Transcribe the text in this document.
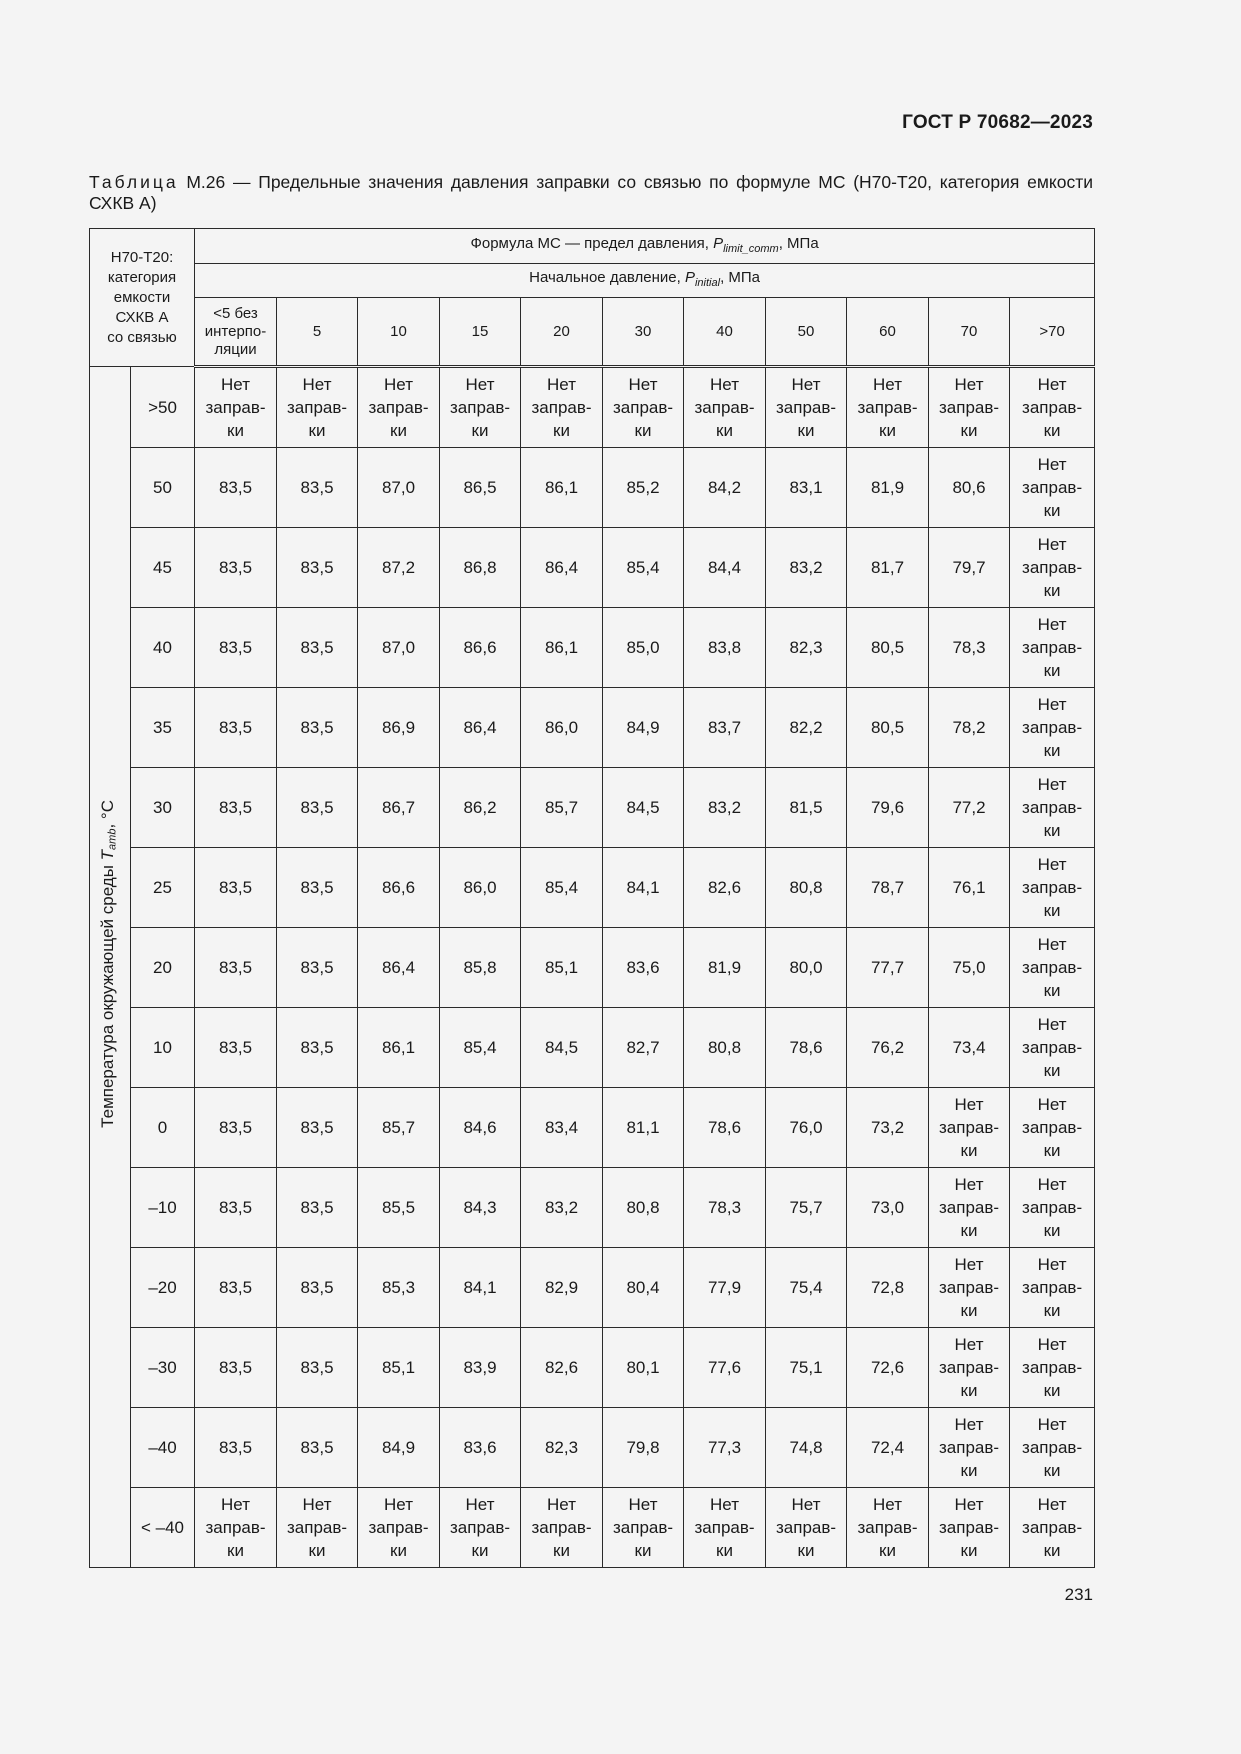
ГОСТ Р 70682—2023
Таблица М.26 — Предельные значения давления заправки со связью по формуле МС (H70-T20, категория емкости СХКВ А)
H70-T20:
категория
емкости
СХКВ А
со связью		Формула МС — предел давления, $P_{limit\_comm}$, МПа										
		Начальное давление, $P_{initial}$, МПа										
		<5 без
интерпо-
ляции	5	10	15	20	30	40	50	60	70	>70
Температура окружающей среды $T_{amb}$, °С	>50	Нет
заправ-
ки	Нет
заправ-
ки	Нет
заправ-
ки	Нет
заправ-
ки	Нет
заправ-
ки	Нет
заправ-
ки	Нет
заправ-
ки	Нет
заправ-
ки	Нет
заправ-
ки	Нет
заправ-
ки	Нет
заправ-
ки
	50	83,5	83,5	87,0	86,5	86,1	85,2	84,2	83,1	81,9	80,6	Нет
заправ-
ки
	45	83,5	83,5	87,2	86,8	86,4	85,4	84,4	83,2	81,7	79,7	Нет
заправ-
ки
	40	83,5	83,5	87,0	86,6	86,1	85,0	83,8	82,3	80,5	78,3	Нет
заправ-
ки
	35	83,5	83,5	86,9	86,4	86,0	84,9	83,7	82,2	80,5	78,2	Нет
заправ-
ки
	30	83,5	83,5	86,7	86,2	85,7	84,5	83,2	81,5	79,6	77,2	Нет
заправ-
ки
	25	83,5	83,5	86,6	86,0	85,4	84,1	82,6	80,8	78,7	76,1	Нет
заправ-
ки
	20	83,5	83,5	86,4	85,8	85,1	83,6	81,9	80,0	77,7	75,0	Нет
заправ-
ки
	10	83,5	83,5	86,1	85,4	84,5	82,7	80,8	78,6	76,2	73,4	Нет
заправ-
ки
	0	83,5	83,5	85,7	84,6	83,4	81,1	78,6	76,0	73,2	Нет
заправ-
ки	Нет
заправ-
ки
	–10	83,5	83,5	85,5	84,3	83,2	80,8	78,3	75,7	73,0	Нет
заправ-
ки	Нет
заправ-
ки
	–20	83,5	83,5	85,3	84,1	82,9	80,4	77,9	75,4	72,8	Нет
заправ-
ки	Нет
заправ-
ки
	–30	83,5	83,5	85,1	83,9	82,6	80,1	77,6	75,1	72,6	Нет
заправ-
ки	Нет
заправ-
ки
	–40	83,5	83,5	84,9	83,6	82,3	79,8	77,3	74,8	72,4	Нет
заправ-
ки	Нет
заправ-
ки
	< –40	Нет
заправ-
ки	Нет
заправ-
ки	Нет
заправ-
ки	Нет
заправ-
ки	Нет
заправ-
ки	Нет
заправ-
ки	Нет
заправ-
ки	Нет
заправ-
ки	Нет
заправ-
ки	Нет
заправ-
ки	Нет
заправ-
ки
231
